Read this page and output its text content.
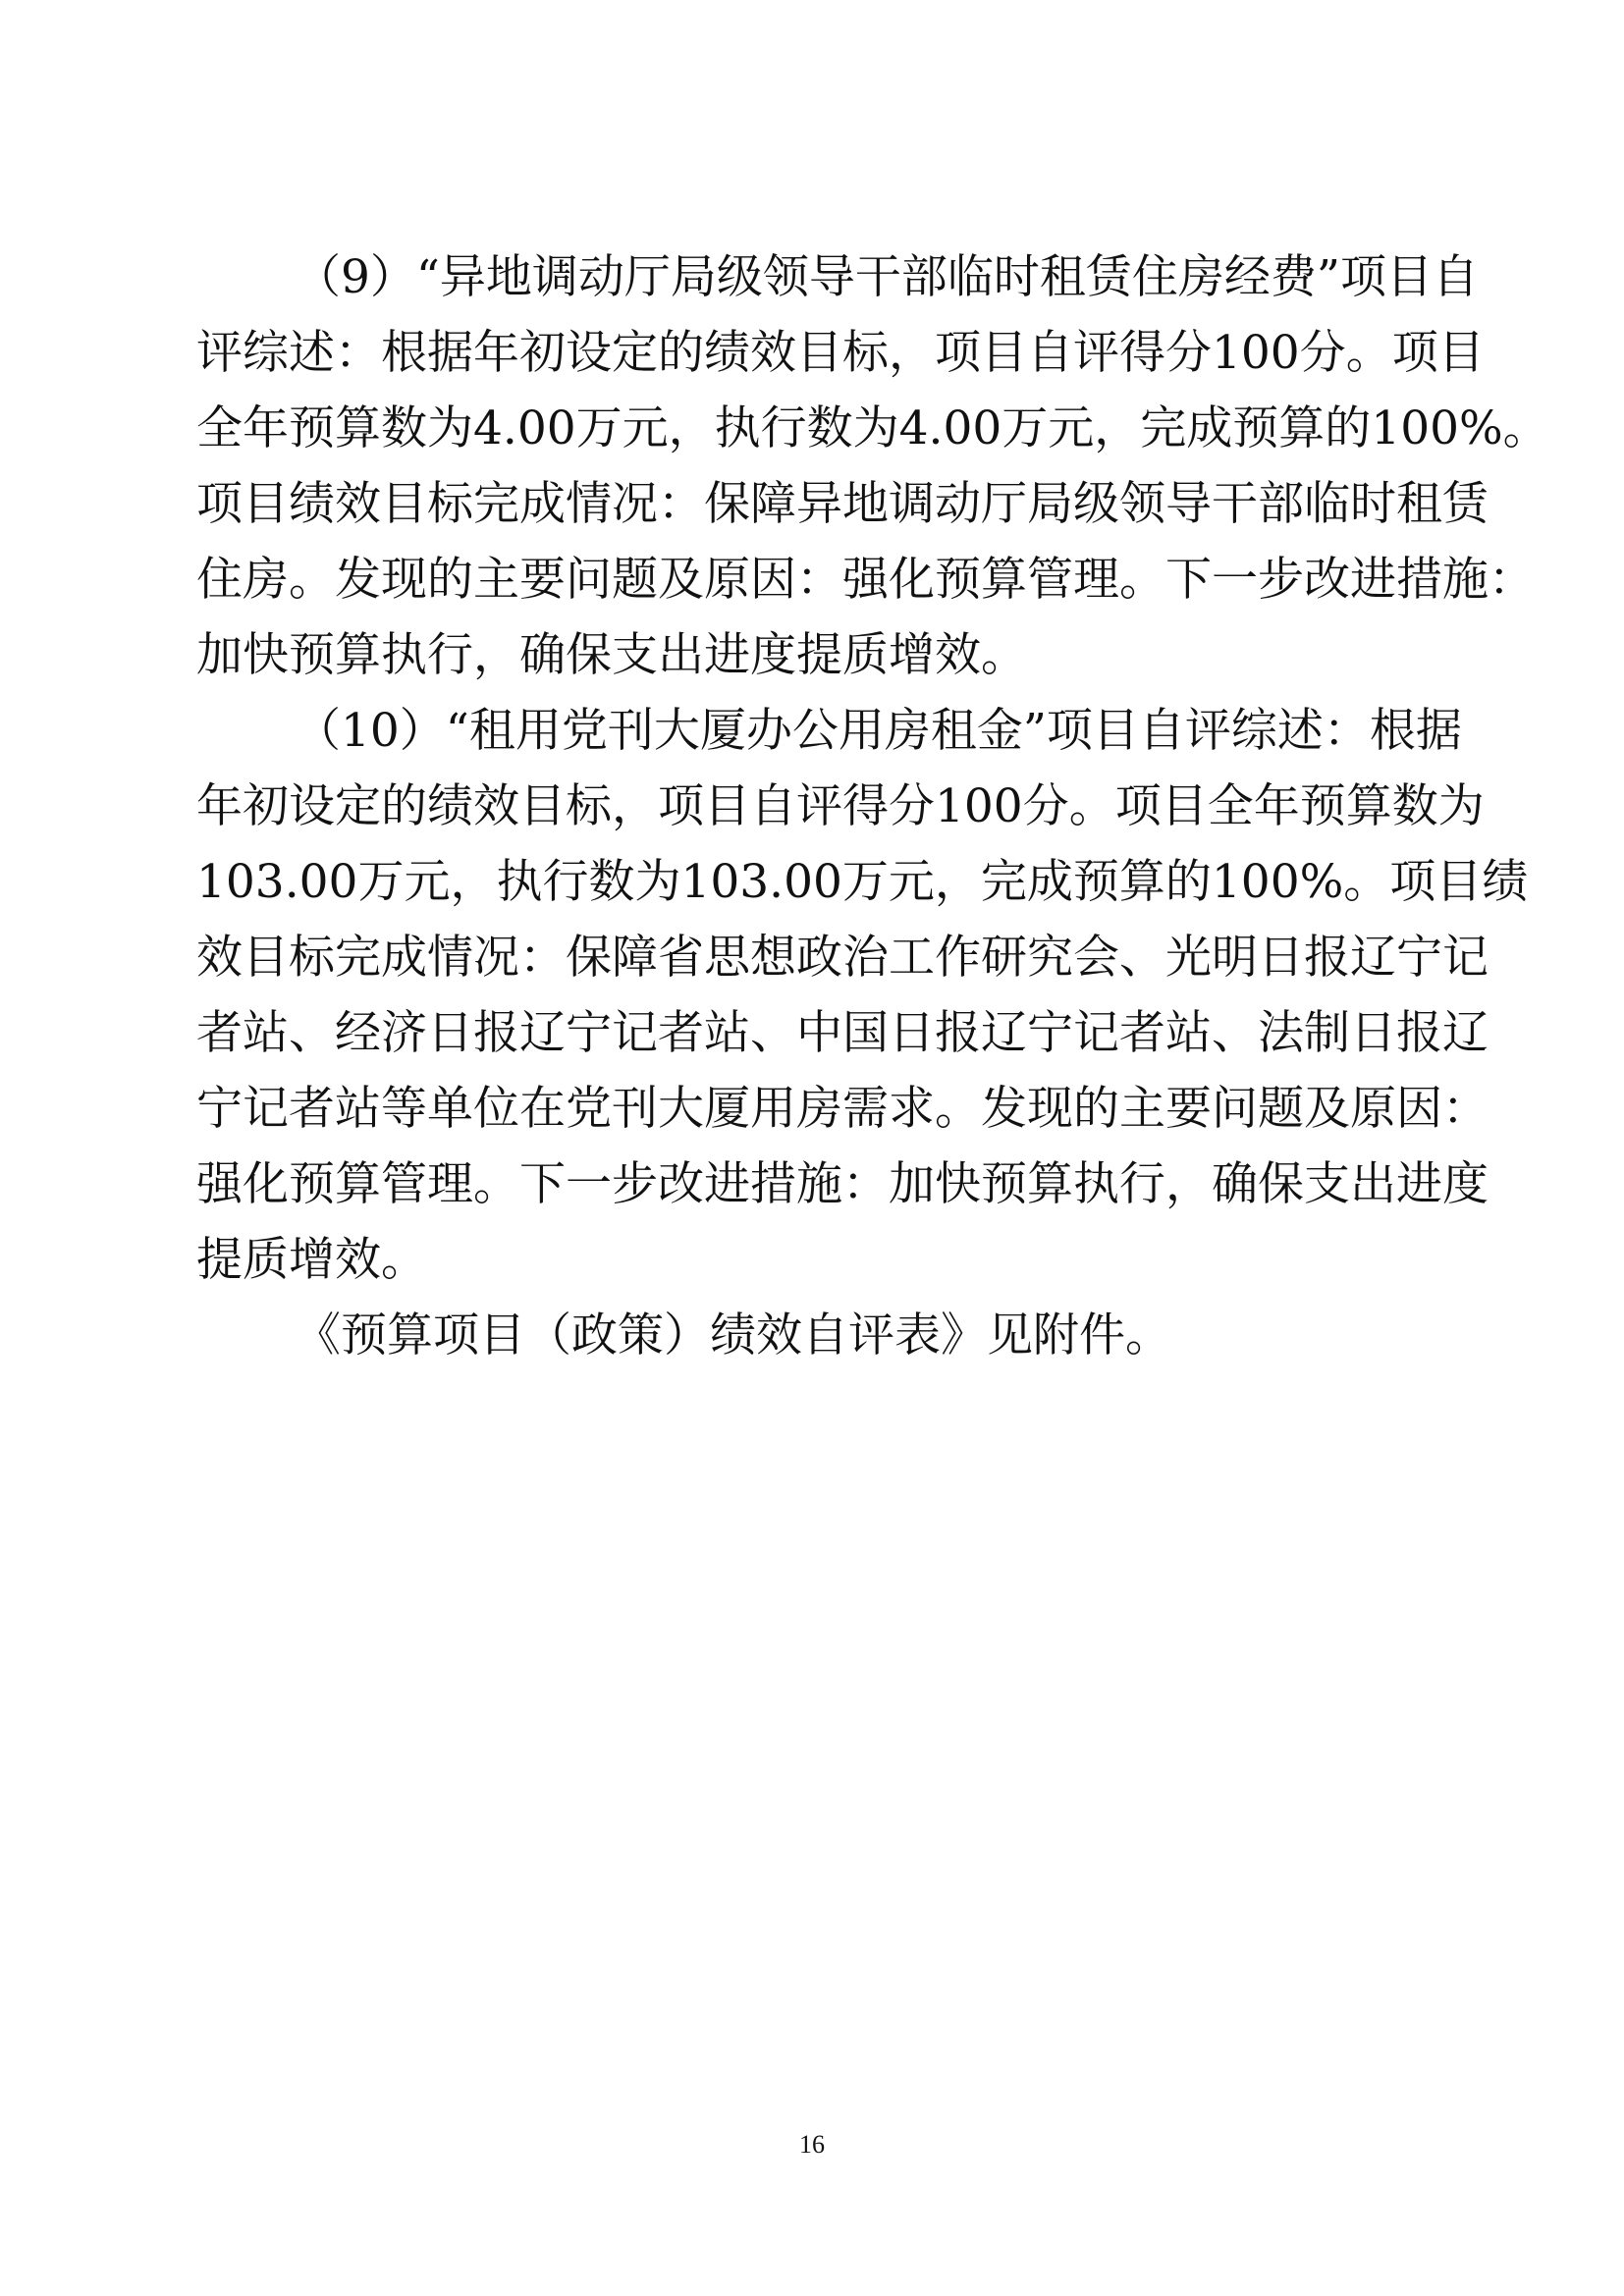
（9）“异地调动厅局级领导干部临时租赁住房经费”项目自
评综述：根据年初设定的绩效目标，项目自评得分100分。项目
全年预算数为4.00万元，执行数为4.00万元，完成预算的100%。
项目绩效目标完成情况：保障异地调动厅局级领导干部临时租赁
住房。发现的主要问题及原因：强化预算管理。下一步改进措施：
加快预算执行，确保支出进度提质增效。
（10）“租用党刊大厦办公用房租金”项目自评综述：根据
年初设定的绩效目标，项目自评得分100分。项目全年预算数为
103.00万元，执行数为103.00万元，完成预算的100%。项目绩
效目标完成情况：保障省思想政治工作研究会、光明日报辽宁记
者站、经济日报辽宁记者站、中国日报辽宁记者站、法制日报辽
宁记者站等单位在党刊大厦用房需求。发现的主要问题及原因：
强化预算管理。下一步改进措施：加快预算执行，确保支出进度
提质增效。
《预算项目（政策）绩效自评表》见附件。
16
